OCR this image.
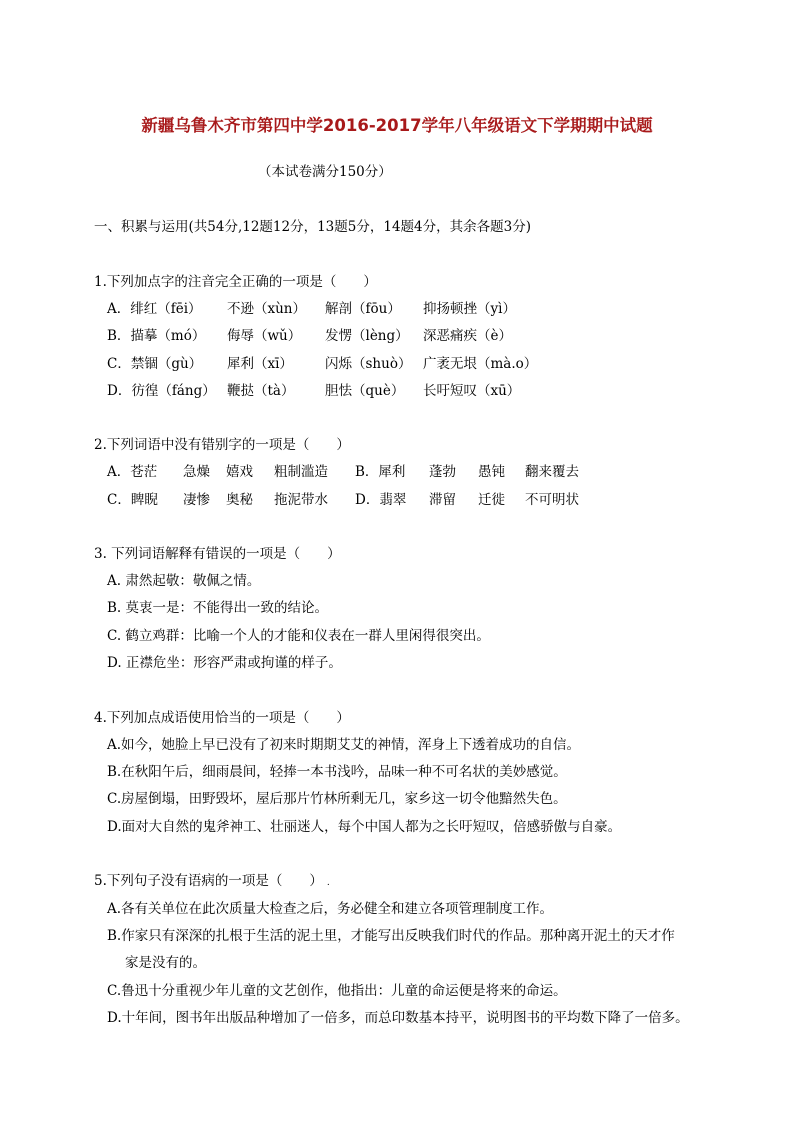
新疆乌鲁木齐市第四中学2016-2017学年八年级语文下学期期中试题
（本试卷满分150分）
一、积累与运用(共54分,12题12分，13题5分，14题4分，其余各题3分)
1.下列加点字的注音完全正确的一项是（　　）
A．绯红（fēi） 不逊（xùn） 解剖（fōu） 抑扬顿挫（yì）
B．描摹（mó） 侮辱（wǔ） 发愣（lèng） 深恶痛疾（è）
C．禁锢（gù） 犀利（xī） 闪烁（shuò） 广袤无垠（mà.o）
D．彷徨（fáng） 鞭挞（tà） 胆怯（què） 长吁短叹（xū）
2.下列词语中没有错别字的一项是（　　）
A．苍茫 急燥 嬉戏 粗制滥造 B．犀利 蓬勃 愚钝 翻来覆去
C．睥睨 凄惨 奥秘 拖泥带水 D．翡翠 滞留 迁徙 不可明状
3. 下列词语解释有错误的一项是（　　）
A. 肃然起敬：敬佩之情。
B. 莫衷一是：不能得出一致的结论。
C. 鹤立鸡群：比喻一个人的才能和仪表在一群人里闲得很突出。
D. 正襟危坐：形容严肃或拘谨的样子。
4.下列加点成语使用恰当的一项是（　　）
A.如今，她脸上早已没有了初来时期期艾艾的神情，浑身上下透着成功的自信。
B.在秋阳午后，细雨晨间，轻捧一本书浅吟，品味一种不可名状的美妙感觉。
C.房屋倒塌，田野毁坏，屋后那片竹林所剩无几，家乡这一切令他黯然失色。
D.面对大自然的鬼斧神工、壮丽迷人，每个中国人都为之长吁短叹，倍感骄傲与自豪。
5.下列句子没有语病的一项是（　　） .
A.各有关单位在此次质量大检查之后，务必健全和建立各项管理制度工作。
B.作家只有深深的扎根于生活的泥土里，才能写出反映我们时代的作品。那种离开泥土的天才作
家是没有的。
C.鲁迅十分重视少年儿童的文艺创作，他指出：儿童的命运便是将来的命运。
D.十年间，图书年出版品种增加了一倍多，而总印数基本持平，说明图书的平均数下降了一倍多。
